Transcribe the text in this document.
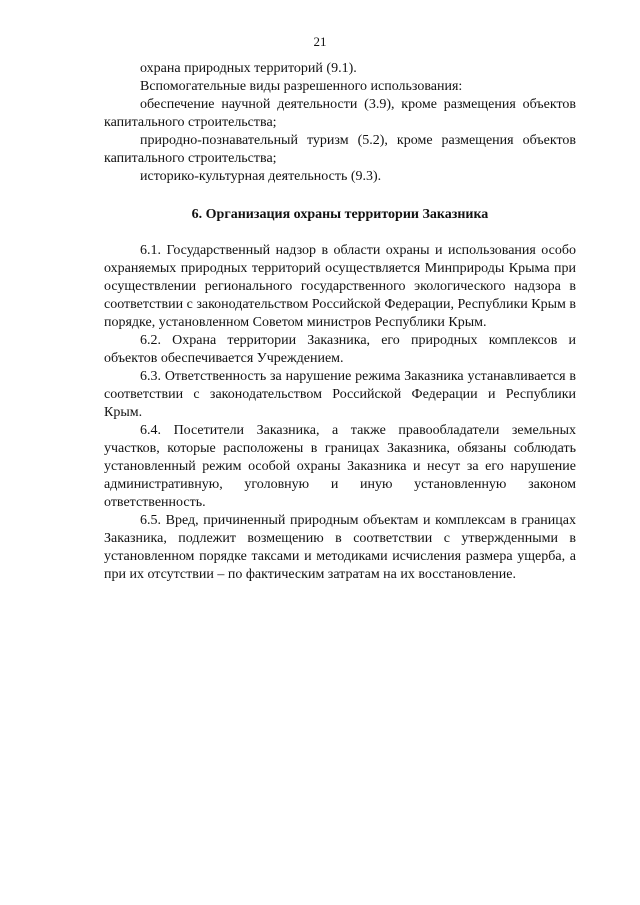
21

охрана природных территорий (9.1).

Вспомогательные виды разрешенного использования:

обеспечение научной деятельности (3.9), кроме размещения объектов капитального строительства;

природно-познавательный туризм (5.2), кроме размещения объектов капитального строительства;

историко-культурная деятельность (9.3).

6. Организация охраны территории Заказника

6.1. Государственный надзор в области охраны и использования особо охраняемых природных территорий осуществляется Минприроды Крыма при осуществлении регионального государственного экологического надзора в соответствии с законодательством Российской Федерации, Республики Крым в порядке, установленном Советом министров Республики Крым.

6.2. Охрана территории Заказника, его природных комплексов и объектов обеспечивается Учреждением.

6.3. Ответственность за нарушение режима Заказника устанавливается в соответствии с законодательством Российской Федерации и Республики Крым.

6.4. Посетители Заказника, а также правообладатели земельных участков, которые расположены в границах Заказника, обязаны соблюдать установленный режим особой охраны Заказника и несут за его нарушение административную, уголовную и иную установленную законом ответственность.

6.5. Вред, причиненный природным объектам и комплексам в границах Заказника, подлежит возмещению в соответствии с утвержденными в установленном порядке таксами и методиками исчисления размера ущерба, а при их отсутствии – по фактическим затратам на их восстановление.
